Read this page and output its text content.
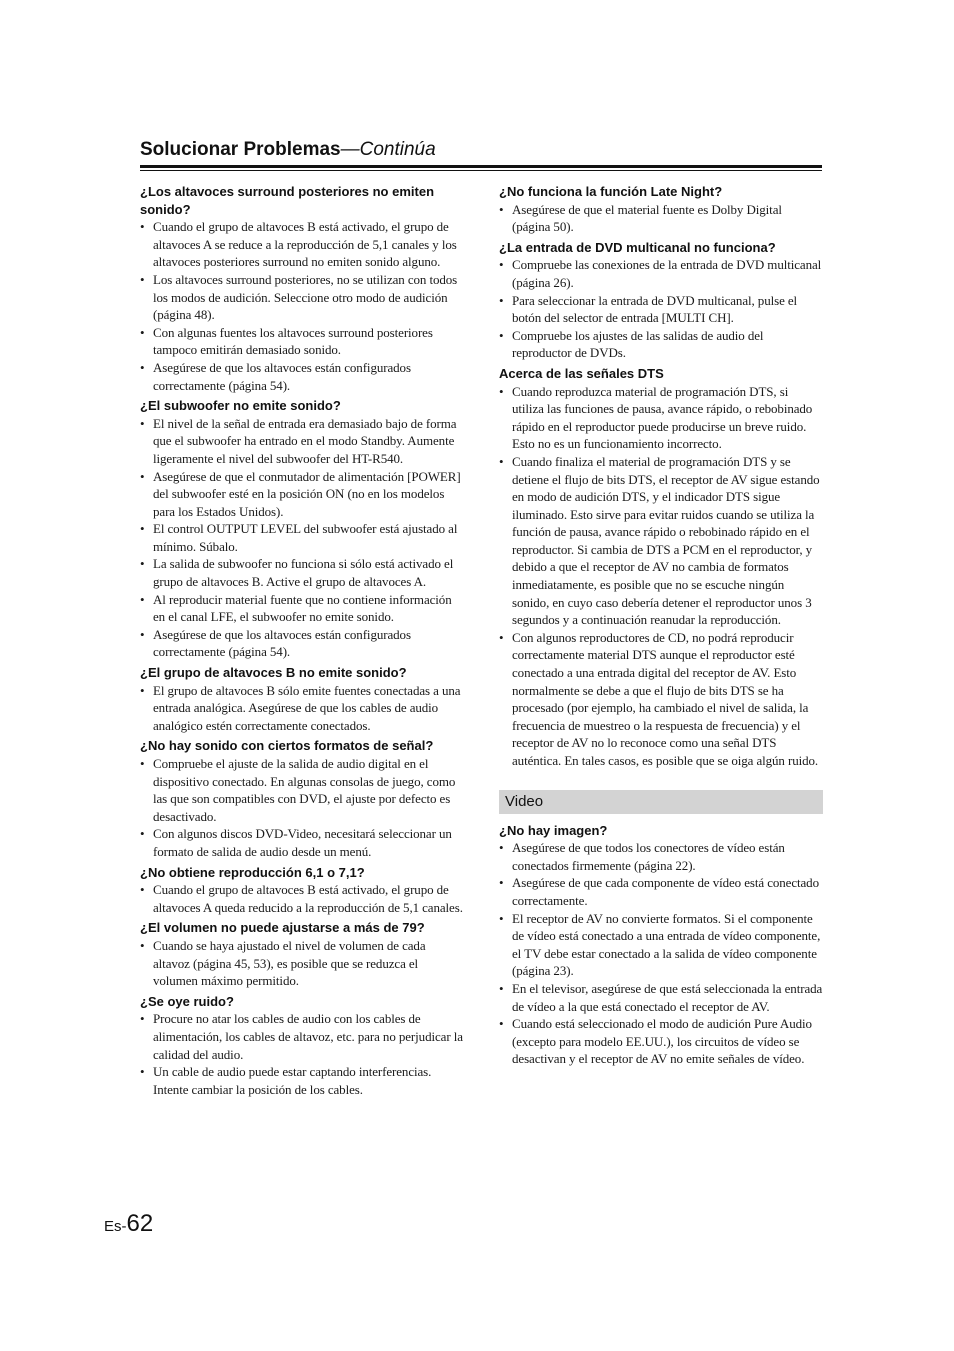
Solucionar Problemas—Continúa

¿Los altavoces surround posteriores no emiten sonido?

• Cuando el grupo de altavoces B está activado, el grupo de altavoces A se reduce a la reproducción de 5,1 canales y los altavoces posteriores surround no emiten sonido alguno.
• Los altavoces surround posteriores, no se utilizan con todos los modos de audición. Seleccione otro modo de audición (página 48).
• Con algunas fuentes los altavoces surround posteriores tampoco emitirán demasiado sonido.
• Asegúrese de que los altavoces están configurados correctamente (página 54).

¿El subwoofer no emite sonido?

• El nivel de la señal de entrada era demasiado bajo de forma que el subwoofer ha entrado en el modo Standby. Aumente ligeramente el nivel del subwoofer del HT-R540.
• Asegúrese de que el conmutador de alimentación [POWER] del subwoofer esté en la posición ON (no en los modelos para los Estados Unidos).
• El control OUTPUT LEVEL del subwoofer está ajustado al mínimo. Súbalo.
• La salida de subwoofer no funciona si sólo está activado el grupo de altavoces B. Active el grupo de altavoces A.
• Al reproducir material fuente que no contiene información en el canal LFE, el subwoofer no emite sonido.
• Asegúrese de que los altavoces están configurados correctamente (página 54).

¿El grupo de altavoces B no emite sonido?

• El grupo de altavoces B sólo emite fuentes conectadas a una entrada analógica. Asegúrese de que los cables de audio analógico estén correctamente conectados.

¿No hay sonido con ciertos formatos de señal?

• Compruebe el ajuste de la salida de audio digital en el dispositivo conectado. En algunas consolas de juego, como las que son compatibles con DVD, el ajuste por defecto es desactivado.
• Con algunos discos DVD-Video, necesitará seleccionar un formato de salida de audio desde un menú.

¿No obtiene reproducción 6,1 o 7,1?

• Cuando el grupo de altavoces B está activado, el grupo de altavoces A queda reducido a la reproducción de 5,1 canales.

¿El volumen no puede ajustarse a más de 79?

• Cuando se haya ajustado el nivel de volumen de cada altavoz (página 45, 53), es posible que se reduzca el volumen máximo permitido.

¿Se oye ruido?

• Procure no atar los cables de audio con los cables de alimentación, los cables de altavoz, etc. para no perjudicar la calidad del audio.
• Un cable de audio puede estar captando interferencias. Intente cambiar la posición de los cables.

¿No funciona la función Late Night?

• Asegúrese de que el material fuente es Dolby Digital (página 50).

¿La entrada de DVD multicanal no funciona?

• Compruebe las conexiones de la entrada de DVD multicanal (página 26).
• Para seleccionar la entrada de DVD multicanal, pulse el botón del selector de entrada [MULTI CH].
• Compruebe los ajustes de las salidas de audio del reproductor de DVDs.

Acerca de las señales DTS

• Cuando reproduzca material de programación DTS, si utiliza las funciones de pausa, avance rápido, o rebobinado rápido en el reproductor puede producirse un breve ruido. Esto no es un funcionamiento incorrecto.
• Cuando finaliza el material de programación DTS y se detiene el flujo de bits DTS, el receptor de AV sigue estando en modo de audición DTS, y el indicador DTS sigue iluminado. Esto sirve para evitar ruidos cuando se utiliza la función de pausa, avance rápido o rebobinado rápido en el reproductor. Si cambia de DTS a PCM en el reproductor, y debido a que el receptor de AV no cambia de formatos inmediatamente, es posible que no se escuche ningún sonido, en cuyo caso debería detener el reproductor unos 3 segundos y a continuación reanudar la reproducción.
• Con algunos reproductores de CD, no podrá reproducir correctamente material DTS aunque el reproductor esté conectado a una entrada digital del receptor de AV. Esto normalmente se debe a que el flujo de bits DTS se ha procesado (por ejemplo, ha cambiado el nivel de salida, la frecuencia de muestreo o la respuesta de frecuencia) y el receptor de AV no lo reconoce como una señal DTS auténtica. En tales casos, es posible que se oiga algún ruido.
Video

¿No hay imagen?

• Asegúrese de que todos los conectores de vídeo están conectados firmemente (página 22).
• Asegúrese de que cada componente de vídeo está conectado correctamente.
• El receptor de AV no convierte formatos. Si el componente de vídeo está conectado a una entrada de vídeo componente, el TV debe estar conectado a la salida de vídeo componente (página 23).
• En el televisor, asegúrese de que está seleccionada la entrada de vídeo a la que está conectado el receptor de AV.
• Cuando está seleccionado el modo de audición Pure Audio (excepto para modelo EE.UU.), los circuitos de vídeo se desactivan y el receptor de AV no emite señales de vídeo.
Es-62
